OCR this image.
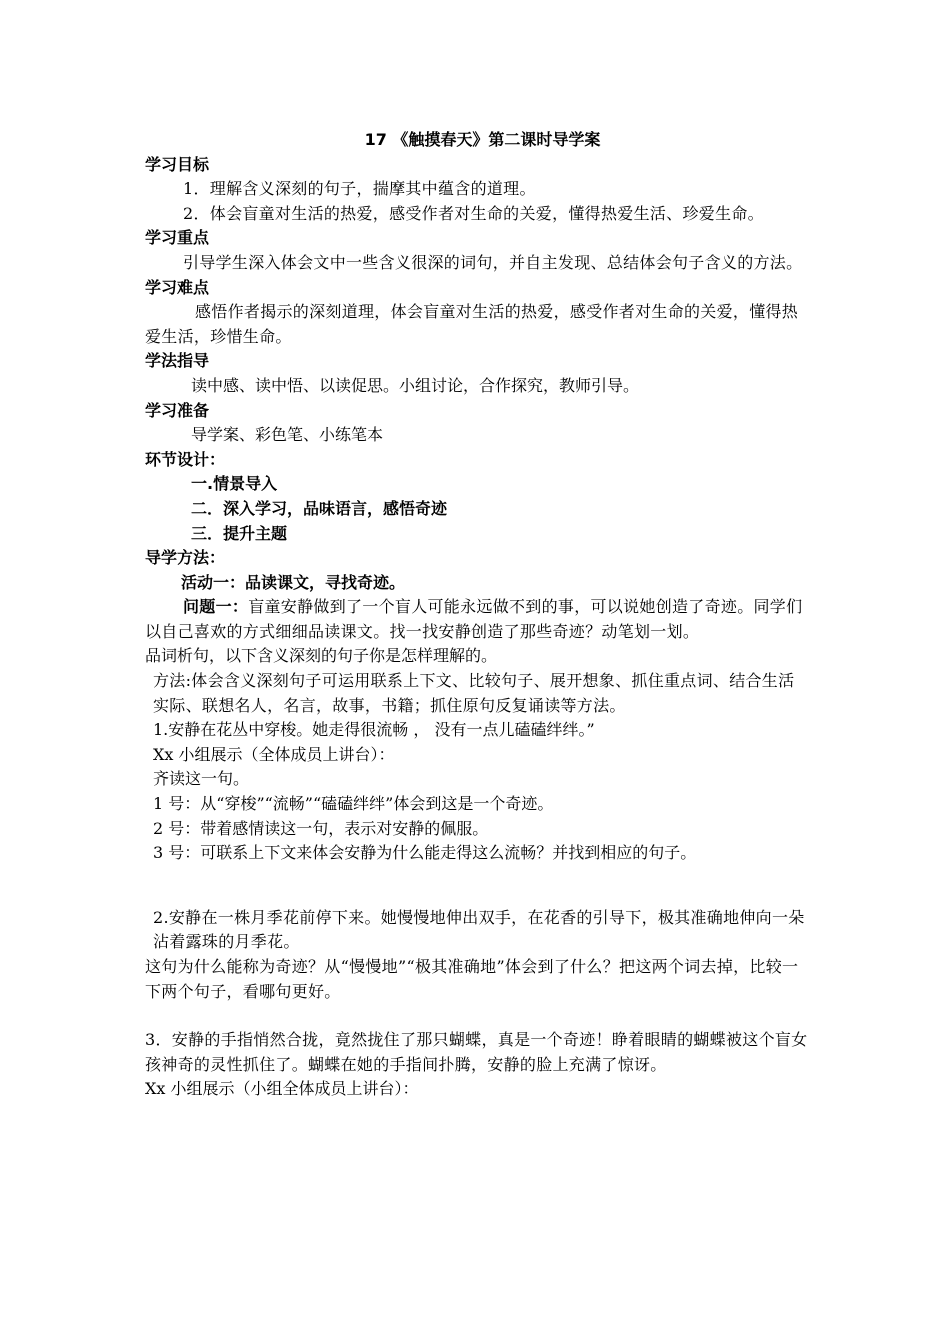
17 《触摸春天》第二课时导学案
学习目标
1．理解含义深刻的句子，揣摩其中蕴含的道理。
2．体会盲童对生活的热爱，感受作者对生命的关爱，懂得热爱生活、珍爱生命。
学习重点
引导学生深入体会文中一些含义很深的词句，并自主发现、总结体会句子含义的方法。
学习难点
感悟作者揭示的深刻道理，体会盲童对生活的热爱，感受作者对生命的关爱，懂得热爱生活，珍惜生命。
学法指导
读中感、读中悟、以读促思。小组讨论，合作探究，教师引导。
学习准备
导学案、彩色笔、小练笔本
环节设计：
一.情景导入
二．深入学习，品味语言，感悟奇迹
三．提升主题
导学方法：
活动一：品读课文，寻找奇迹。
问题一：盲童安静做到了一个盲人可能永远做不到的事，可以说她创造了奇迹。同学们以自己喜欢的方式细细品读课文。找一找安静创造了那些奇迹？动笔划一划。
品词析句，以下含义深刻的句子你是怎样理解的。
方法:体会含义深刻句子可运用联系上下文、比较句子、展开想象、抓住重点词、结合生活实际、联想名人，名言，故事，书籍；抓住原句反复诵读等方法。
1.安静在花丛中穿梭。她走得很流畅 ， 没有一点儿磕磕绊绊。”
Xx 小组展示（全体成员上讲台）：
齐读这一句。
1 号：从“穿梭”“流畅”“磕磕绊绊”体会到这是一个奇迹。
2 号：带着感情读这一句，表示对安静的佩服。
3 号：可联系上下文来体会安静为什么能走得这么流畅？并找到相应的句子。
2.安静在一株月季花前停下来。她慢慢地伸出双手，在花香的引导下，极其准确地伸向一朵沾着露珠的月季花。
这句为什么能称为奇迹？从“慢慢地”“极其准确地”体会到了什么？把这两个词去掉，比较一下两个句子，看哪句更好。
3．安静的手指悄然合拢，竟然拢住了那只蝴蝶，真是一个奇迹！睁着眼睛的蝴蝶被这个盲女孩神奇的灵性抓住了。蝴蝶在她的手指间扑腾，安静的脸上充满了惊讶。
Xx 小组展示（小组全体成员上讲台）：
